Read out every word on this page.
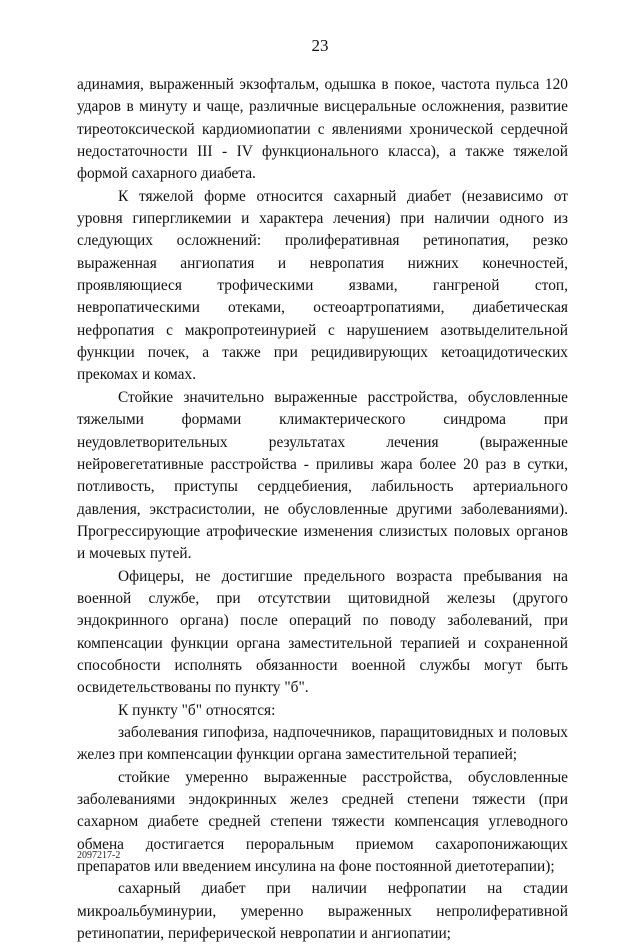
23

адинамия, выраженный экзофтальм, одышка в покое, частота пульса 120 ударов в минуту и чаще, различные висцеральные осложнения, развитие тиреотоксической кардиомиопатии с явлениями хронической сердечной недостаточности III - IV функционального класса), а также тяжелой формой сахарного диабета.

К тяжелой форме относится сахарный диабет (независимо от уровня гипергликемии и характера лечения) при наличии одного из следующих осложнений: пролиферативная ретинопатия, резко выраженная ангиопатия и невропатия нижних конечностей, проявляющиеся трофическими язвами, гангреной стоп, невропатическими отеками, остеоартропатиями, диабетическая нефропатия с макропротеинурией с нарушением азотвыделительной функции почек, а также при рецидивирующих кетоацидотических прекомах и комах.

Стойкие значительно выраженные расстройства, обусловленные тяжелыми формами климактерического синдрома при неудовлетворительных результатах лечения (выраженные нейровегетативные расстройства - приливы жара более 20 раз в сутки, потливость, приступы сердцебиения, лабильность артериального давления, экстрасистолии, не обусловленные другими заболеваниями). Прогрессирующие атрофические изменения слизистых половых органов и мочевых путей.

Офицеры, не достигшие предельного возраста пребывания на военной службе, при отсутствии щитовидной железы (другого эндокринного органа) после операций по поводу заболеваний, при компенсации функции органа заместительной терапией и сохраненной способности исполнять обязанности военной службы могут быть освидетельствованы по пункту "б".

К пункту "б" относятся:

заболевания гипофиза, надпочечников, паращитовидных и половых желез при компенсации функции органа заместительной терапией;

стойкие умеренно выраженные расстройства, обусловленные заболеваниями эндокринных желез средней степени тяжести (при сахарном диабете средней степени тяжести компенсация углеводного обмена достигается пероральным приемом сахаропонижающих препаратов или введением инсулина на фоне постоянной диетотерапии);

сахарный диабет при наличии нефропатии на стадии микроальбуминурии, умеренно выраженных непролиферативной ретинопатии, периферической невропатии и ангиопатии;

2097217-2
